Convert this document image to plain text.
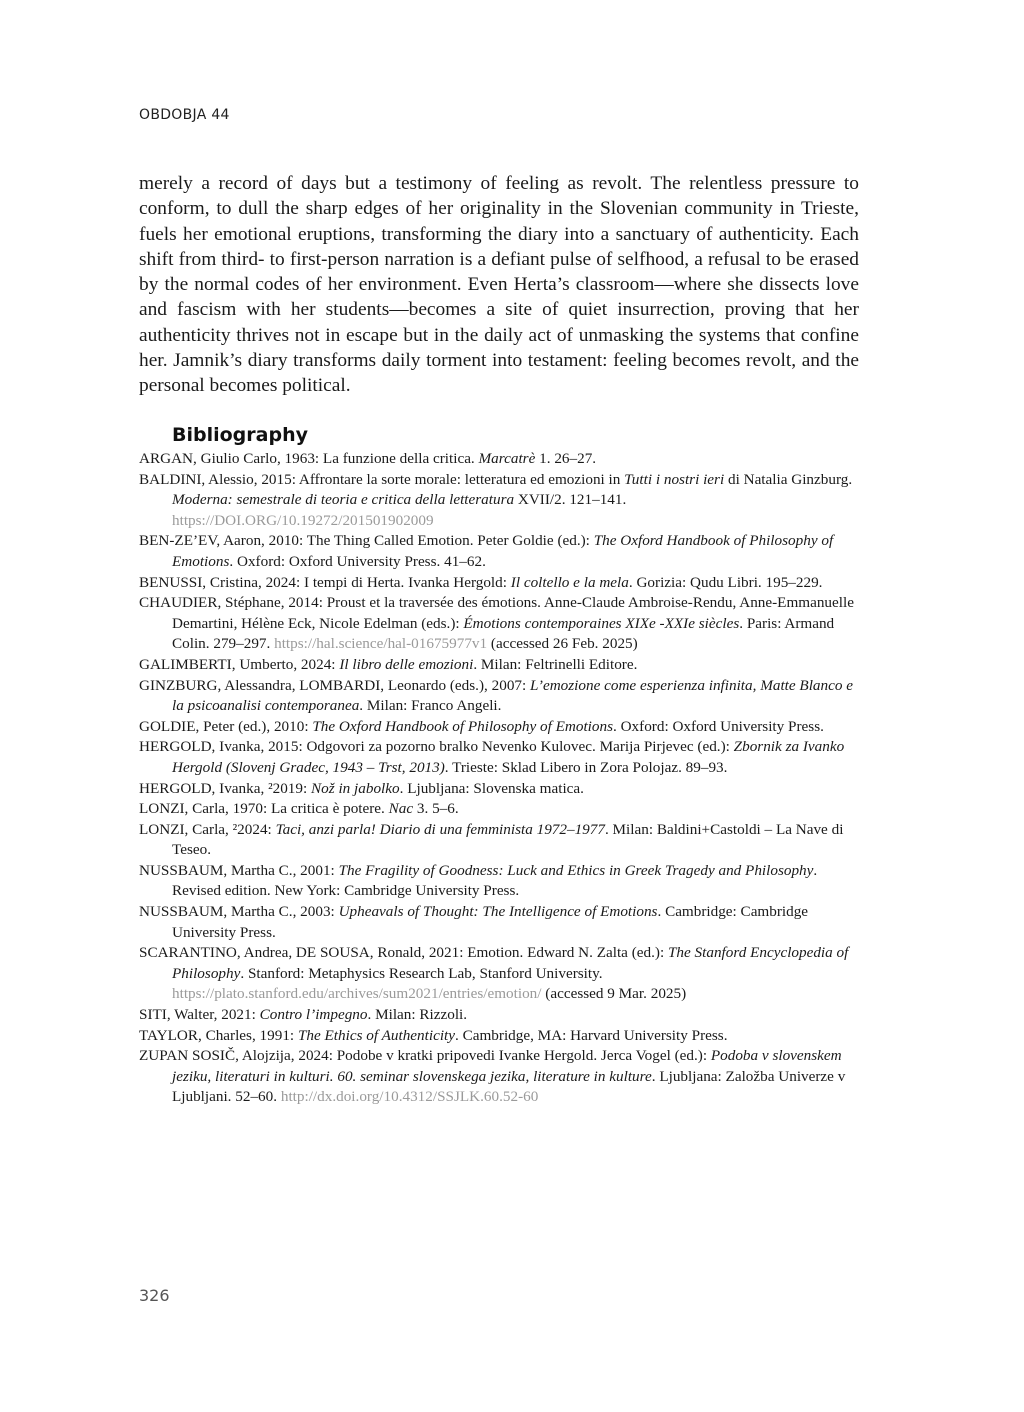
OBDOBJA 44

merely a record of days but a testimony of feeling as revolt. The relentless pressure to conform, to dull the sharp edges of her originality in the Slovenian community in Trieste, fuels her emotional eruptions, transforming the diary into a sanctuary of authenticity. Each shift from third- to first-person narration is a defiant pulse of selfhood, a refusal to be erased by the normal codes of her environment. Even Herta’s classroom—where she dissects love and fascism with her students—becomes a site of quiet insurrection, proving that her authenticity thrives not in escape but in the daily act of unmasking the systems that confine her. Jamnik’s diary transforms daily torment into testament: feeling becomes revolt, and the personal becomes political.

Bibliography
ARGAN, Giulio Carlo, 1963: La funzione della critica. Marcatrè 1. 26–27.
BALDINI, Alessio, 2015: Affrontare la sorte morale: letteratura ed emozioni in Tutti i nostri ieri di Natalia Ginzburg. Moderna: semestrale di teoria e critica della letteratura XVII/2. 121–141. https://DOI.ORG/10.19272/201501902009
BEN-ZE’EV, Aaron, 2010: The Thing Called Emotion. Peter Goldie (ed.): The Oxford Handbook of Philosophy of Emotions. Oxford: Oxford University Press. 41–62.
BENUSSI, Cristina, 2024: I tempi di Herta. Ivanka Hergold: Il coltello e la mela. Gorizia: Qudu Libri. 195–229.
CHAUDIER, Stéphane, 2014: Proust et la traversée des émotions. Anne-Claude Ambroise-Rendu, Anne-Emmanuelle Demartini, Hélène Eck, Nicole Edelman (eds.): Émotions contemporaines XIXe -XXIe siècles. Paris: Armand Colin. 279–297. https://hal.science/hal-01675977v1 (accessed 26 Feb. 2025)
GALIMBERTI, Umberto, 2024: Il libro delle emozioni. Milan: Feltrinelli Editore.
GINZBURG, Alessandra, LOMBARDI, Leonardo (eds.), 2007: L’emozione come esperienza infinita, Matte Blanco e la psicoanalisi contemporanea. Milan: Franco Angeli.
GOLDIE, Peter (ed.), 2010: The Oxford Handbook of Philosophy of Emotions. Oxford: Oxford University Press.
HERGOLD, Ivanka, 2015: Odgovori za pozorno bralko Nevenko Kulovec. Marija Pirjevec (ed.): Zbornik za Ivanko Hergold (Slovenj Gradec, 1943 – Trst, 2013). Trieste: Sklad Libero in Zora Polojaz. 89–93.
HERGOLD, Ivanka, ²2019: Nož in jabolko. Ljubljana: Slovenska matica.
LONZI, Carla, 1970: La critica è potere. Nac 3. 5–6.
LONZI, Carla, ²2024: Taci, anzi parla! Diario di una femminista 1972–1977. Milan: Baldini+Castoldi – La Nave di Teseo.
NUSSBAUM, Martha C., 2001: The Fragility of Goodness: Luck and Ethics in Greek Tragedy and Philosophy. Revised edition. New York: Cambridge University Press.
NUSSBAUM, Martha C., 2003: Upheavals of Thought: The Intelligence of Emotions. Cambridge: Cambridge University Press.
SCARANTINO, Andrea, DE SOUSA, Ronald, 2021: Emotion. Edward N. Zalta (ed.): The Stanford Encyclopedia of Philosophy. Stanford: Metaphysics Research Lab, Stanford University. https://plato.stanford.edu/archives/sum2021/entries/emotion/ (accessed 9 Mar. 2025)
SITI, Walter, 2021: Contro l’impegno. Milan: Rizzoli.
TAYLOR, Charles, 1991: The Ethics of Authenticity. Cambridge, MA: Harvard University Press.
ZUPAN SOSIČ, Alojzija, 2024: Podobe v kratki pripovedi Ivanke Hergold. Jerca Vogel (ed.): Podoba v slovenskem jeziku, literaturi in kulturi. 60. seminar slovenskega jezika, literature in kulture. Ljubljana: Založba Univerze v Ljubljani. 52–60. http://dx.doi.org/10.4312/SSJLK.60.52-60
326
